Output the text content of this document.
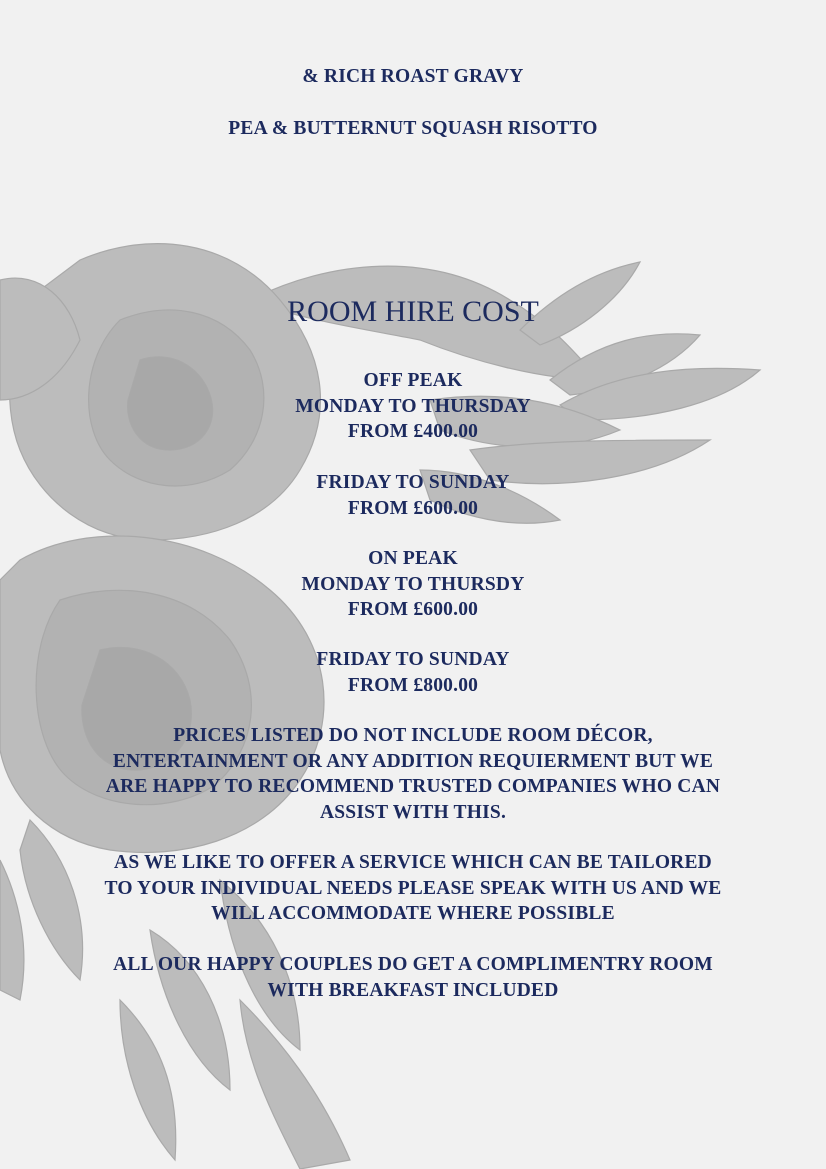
& RICH ROAST GRAVY
PEA & BUTTERNUT SQUASH RISOTTO
ROOM HIRE COST
OFF PEAK
MONDAY TO THURSDAY
FROM £400.00
FRIDAY TO SUNDAY
FROM £600.00
ON PEAK
MONDAY TO THURSDY
FROM £600.00
FRIDAY TO SUNDAY
FROM £800.00
PRICES LISTED DO NOT INCLUDE ROOM DÉCOR,
ENTERTAINMENT OR ANY ADDITION REQUIERMENT BUT WE
ARE HAPPY TO RECOMMEND TRUSTED COMPANIES WHO CAN
ASSIST WITH THIS.
AS WE LIKE TO OFFER A SERVICE WHICH CAN BE TAILORED
TO YOUR INDIVIDUAL NEEDS PLEASE SPEAK WITH US AND WE
WILL ACCOMMODATE WHERE POSSIBLE
ALL OUR HAPPY COUPLES DO GET A COMPLIMENTRY ROOM
WITH BREAKFAST INCLUDED
